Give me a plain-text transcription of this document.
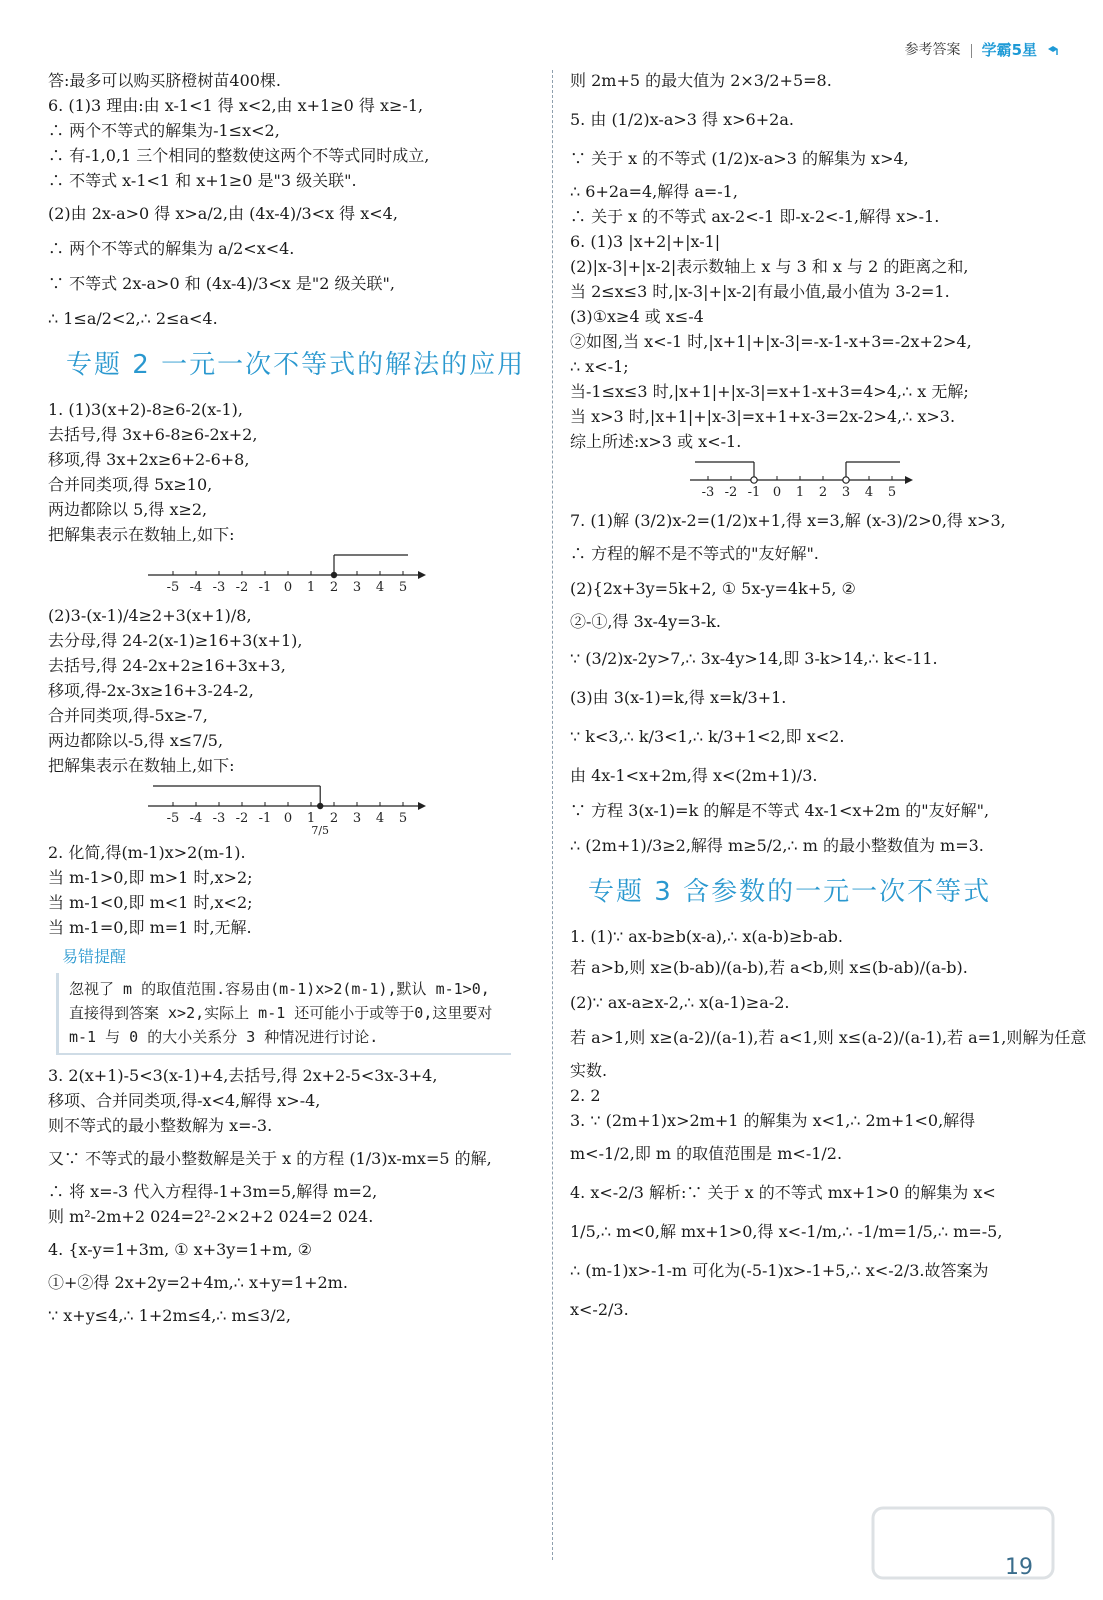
参考答案 学霸5星
答:最多可以购买脐橙树苗400棵.
6. (1)3 理由:由 x-1<1 得 x<2,由 x+1≥0 得 x≥-1,
∴ 两个不等式的解集为-1≤x<2,
∴ 有-1,0,1 三个相同的整数使这两个不等式同时成立,
∴ 不等式 x-1<1 和 x+1≥0 是"3 级关联".
(2)由 2x-a>0 得 x>a/2,由 (4x-4)/3<x 得 x<4,
∴ 两个不等式的解集为 a/2<x<4.
∵ 不等式 2x-a>0 和 (4x-4)/3<x 是"2 级关联",
∴ 1≤a/2<2,∴ 2≤a<4.
专题 2 一元一次不等式的解法的应用
1. (1)3(x+2)-8≥6-2(x-1),
去括号,得 3x+6-8≥6-2x+2,
移项,得 3x+2x≥6+2-6+8,
合并同类项,得 5x≥10,
两边都除以 5,得 x≥2,
把解集表示在数轴上,如下:
-5 -4 -3 -2 -1 0 1 2 3 4 5
(2)3-(x-1)/4≥2+3(x+1)/8,
去分母,得 24-2(x-1)≥16+3(x+1),
去括号,得 24-2x+2≥16+3x+3,
移项,得-2x-3x≥16+3-24-2,
合并同类项,得-5x≥-7,
两边都除以-5,得 x≤7/5,
把解集表示在数轴上,如下:
-5 -4 -3 -2 -1 0 1 2 3 4 5
7/5
2. 化简,得(m-1)x>2(m-1).
当 m-1>0,即 m>1 时,x>2;
当 m-1<0,即 m<1 时,x<2;
当 m-1=0,即 m=1 时,无解.
易错提醒
忽视了 m 的取值范围.容易由(m-1)x>2(m-1),默认 m-1>0,直接得到答案 x>2,实际上 m-1 还可能小于或等于0,这里要对 m-1 与 0 的大小关系分 3 种情况进行讨论.
3. 2(x+1)-5<3(x-1)+4,去括号,得 2x+2-5<3x-3+4,
移项、合并同类项,得-x<4,解得 x>-4,
则不等式的最小整数解为 x=-3.
又∵ 不等式的最小整数解是关于 x 的方程 (1/3)x-mx=5 的解,
∴ 将 x=-3 代入方程得-1+3m=5,解得 m=2,
则 m²-2m+2 024=2²-2×2+2 024=2 024.
4. {x-y=1+3m, ① x+3y=1+m, ②
①+②得 2x+2y=2+4m,∴ x+y=1+2m.
∵ x+y≤4,∴ 1+2m≤4,∴ m≤3/2,
则 2m+5 的最大值为 2×3/2+5=8.
5. 由 (1/2)x-a>3 得 x>6+2a.
∵ 关于 x 的不等式 (1/2)x-a>3 的解集为 x>4,
∴ 6+2a=4,解得 a=-1,
∴ 关于 x 的不等式 ax-2<-1 即-x-2<-1,解得 x>-1.
6. (1)3 |x+2|+|x-1|
(2)|x-3|+|x-2|表示数轴上 x 与 3 和 x 与 2 的距离之和,
当 2≤x≤3 时,|x-3|+|x-2|有最小值,最小值为 3-2=1.
(3)①x≥4 或 x≤-4
②如图,当 x<-1 时,|x+1|+|x-3|=-x-1-x+3=-2x+2>4,
∴ x<-1;
当-1≤x≤3 时,|x+1|+|x-3|=x+1-x+3=4>4,∴ x 无解;
当 x>3 时,|x+1|+|x-3|=x+1+x-3=2x-2>4,∴ x>3.
综上所述:x>3 或 x<-1.
-3 -2 -1 0 1 2 3 4 5
7. (1)解 (3/2)x-2=(1/2)x+1,得 x=3,解 (x-3)/2>0,得 x>3,
∴ 方程的解不是不等式的"友好解".
(2){2x+3y=5k+2, ① 5x-y=4k+5, ②
②-①,得 3x-4y=3-k.
∵ (3/2)x-2y>7,∴ 3x-4y>14,即 3-k>14,∴ k<-11.
(3)由 3(x-1)=k,得 x=k/3+1.
∵ k<3,∴ k/3<1,∴ k/3+1<2,即 x<2.
由 4x-1<x+2m,得 x<(2m+1)/3.
∵ 方程 3(x-1)=k 的解是不等式 4x-1<x+2m 的"友好解",
∴ (2m+1)/3≥2,解得 m≥5/2,∴ m 的最小整数值为 m=3.
专题 3 含参数的一元一次不等式
1. (1)∵ ax-b≥b(x-a),∴ x(a-b)≥b-ab.
若 a>b,则 x≥(b-ab)/(a-b),若 a<b,则 x≤(b-ab)/(a-b).
(2)∵ ax-a≥x-2,∴ x(a-1)≥a-2.
若 a>1,则 x≥(a-2)/(a-1),若 a<1,则 x≤(a-2)/(a-1),若 a=1,则解为任意
实数.
2. 2
3. ∵ (2m+1)x>2m+1 的解集为 x<1,∴ 2m+1<0,解得
m<-1/2,即 m 的取值范围是 m<-1/2.
4. x<-2/3 解析:∵ 关于 x 的不等式 mx+1>0 的解集为 x<
1/5,∴ m<0,解 mx+1>0,得 x<-1/m,∴ -1/m=1/5,∴ m=-5,
∴ (m-1)x>-1-m 可化为(-5-1)x>-1+5,∴ x<-2/3.故答案为
x<-2/3.
19
